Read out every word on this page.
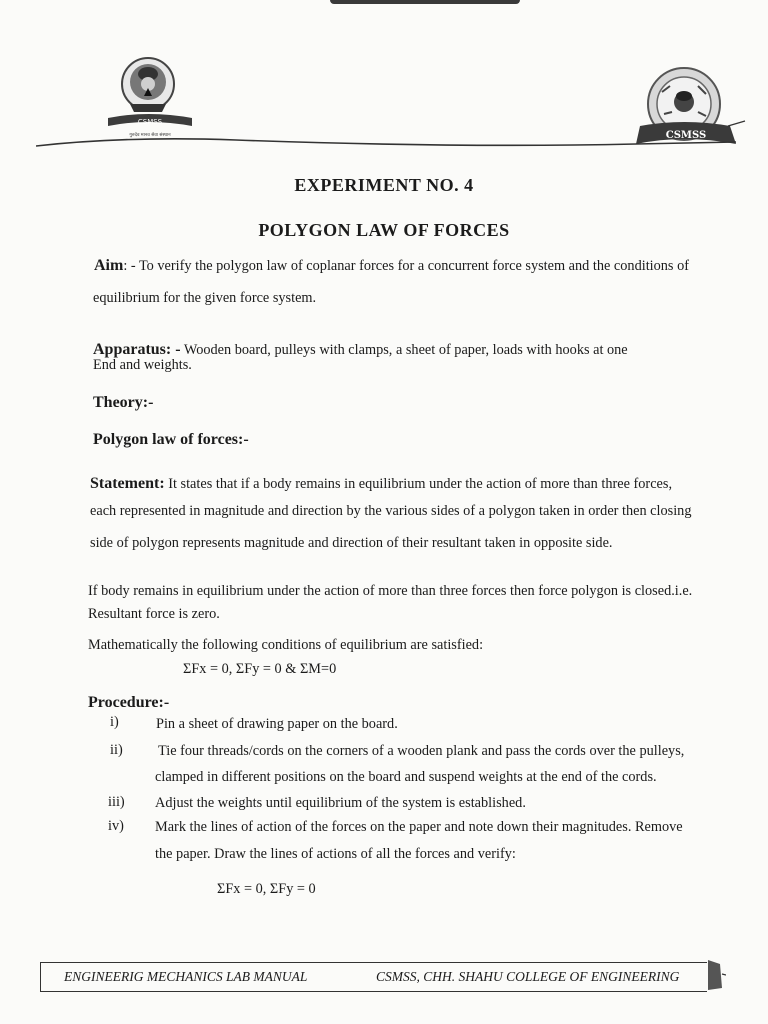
CSMSS
गुरुदेव मानव सेवा संस्थान	CSMSS
EXPERIMENT NO. 4
POLYGON LAW OF FORCES
Aim: - To verify the polygon law of coplanar forces for a concurrent force system and the conditions of
equilibrium for the given force system.
Apparatus: - Wooden board, pulleys with clamps, a sheet of paper, loads with hooks at one
End and weights.
Theory:-
Polygon law of forces:-
Statement: It states that if a body remains in equilibrium under the action of more than three forces,
each represented in magnitude and direction by the various sides of a polygon taken in order then closing
side of polygon represents magnitude and direction of their resultant taken in opposite side.
If body remains in equilibrium under the action of more than three forces then force polygon is closed.i.e.
Resultant force is zero.
Mathematically the following conditions of equilibrium are satisfied:
ΣFx = 0, ΣFy = 0 & ΣM=0
Procedure:-
i)	Pin a sheet of drawing paper on the board.
ii) Tie four threads/cords on the corners of a wooden plank and pass the cords over the pulleys,
clamped in different positions on the board and suspend weights at the end of the cords.
iii) Adjust the weights until equilibrium of the system is established.
iv) Mark the lines of action of the forces on the paper and note down their magnitudes. Remove
the paper. Draw the lines of actions of all the forces and verify:
ΣFx = 0, ΣFy = 0
ENGINEERIG MECHANICS LAB MANUAL	CSMSS, CHH. SHAHU COLLEGE OF ENGINEERING
